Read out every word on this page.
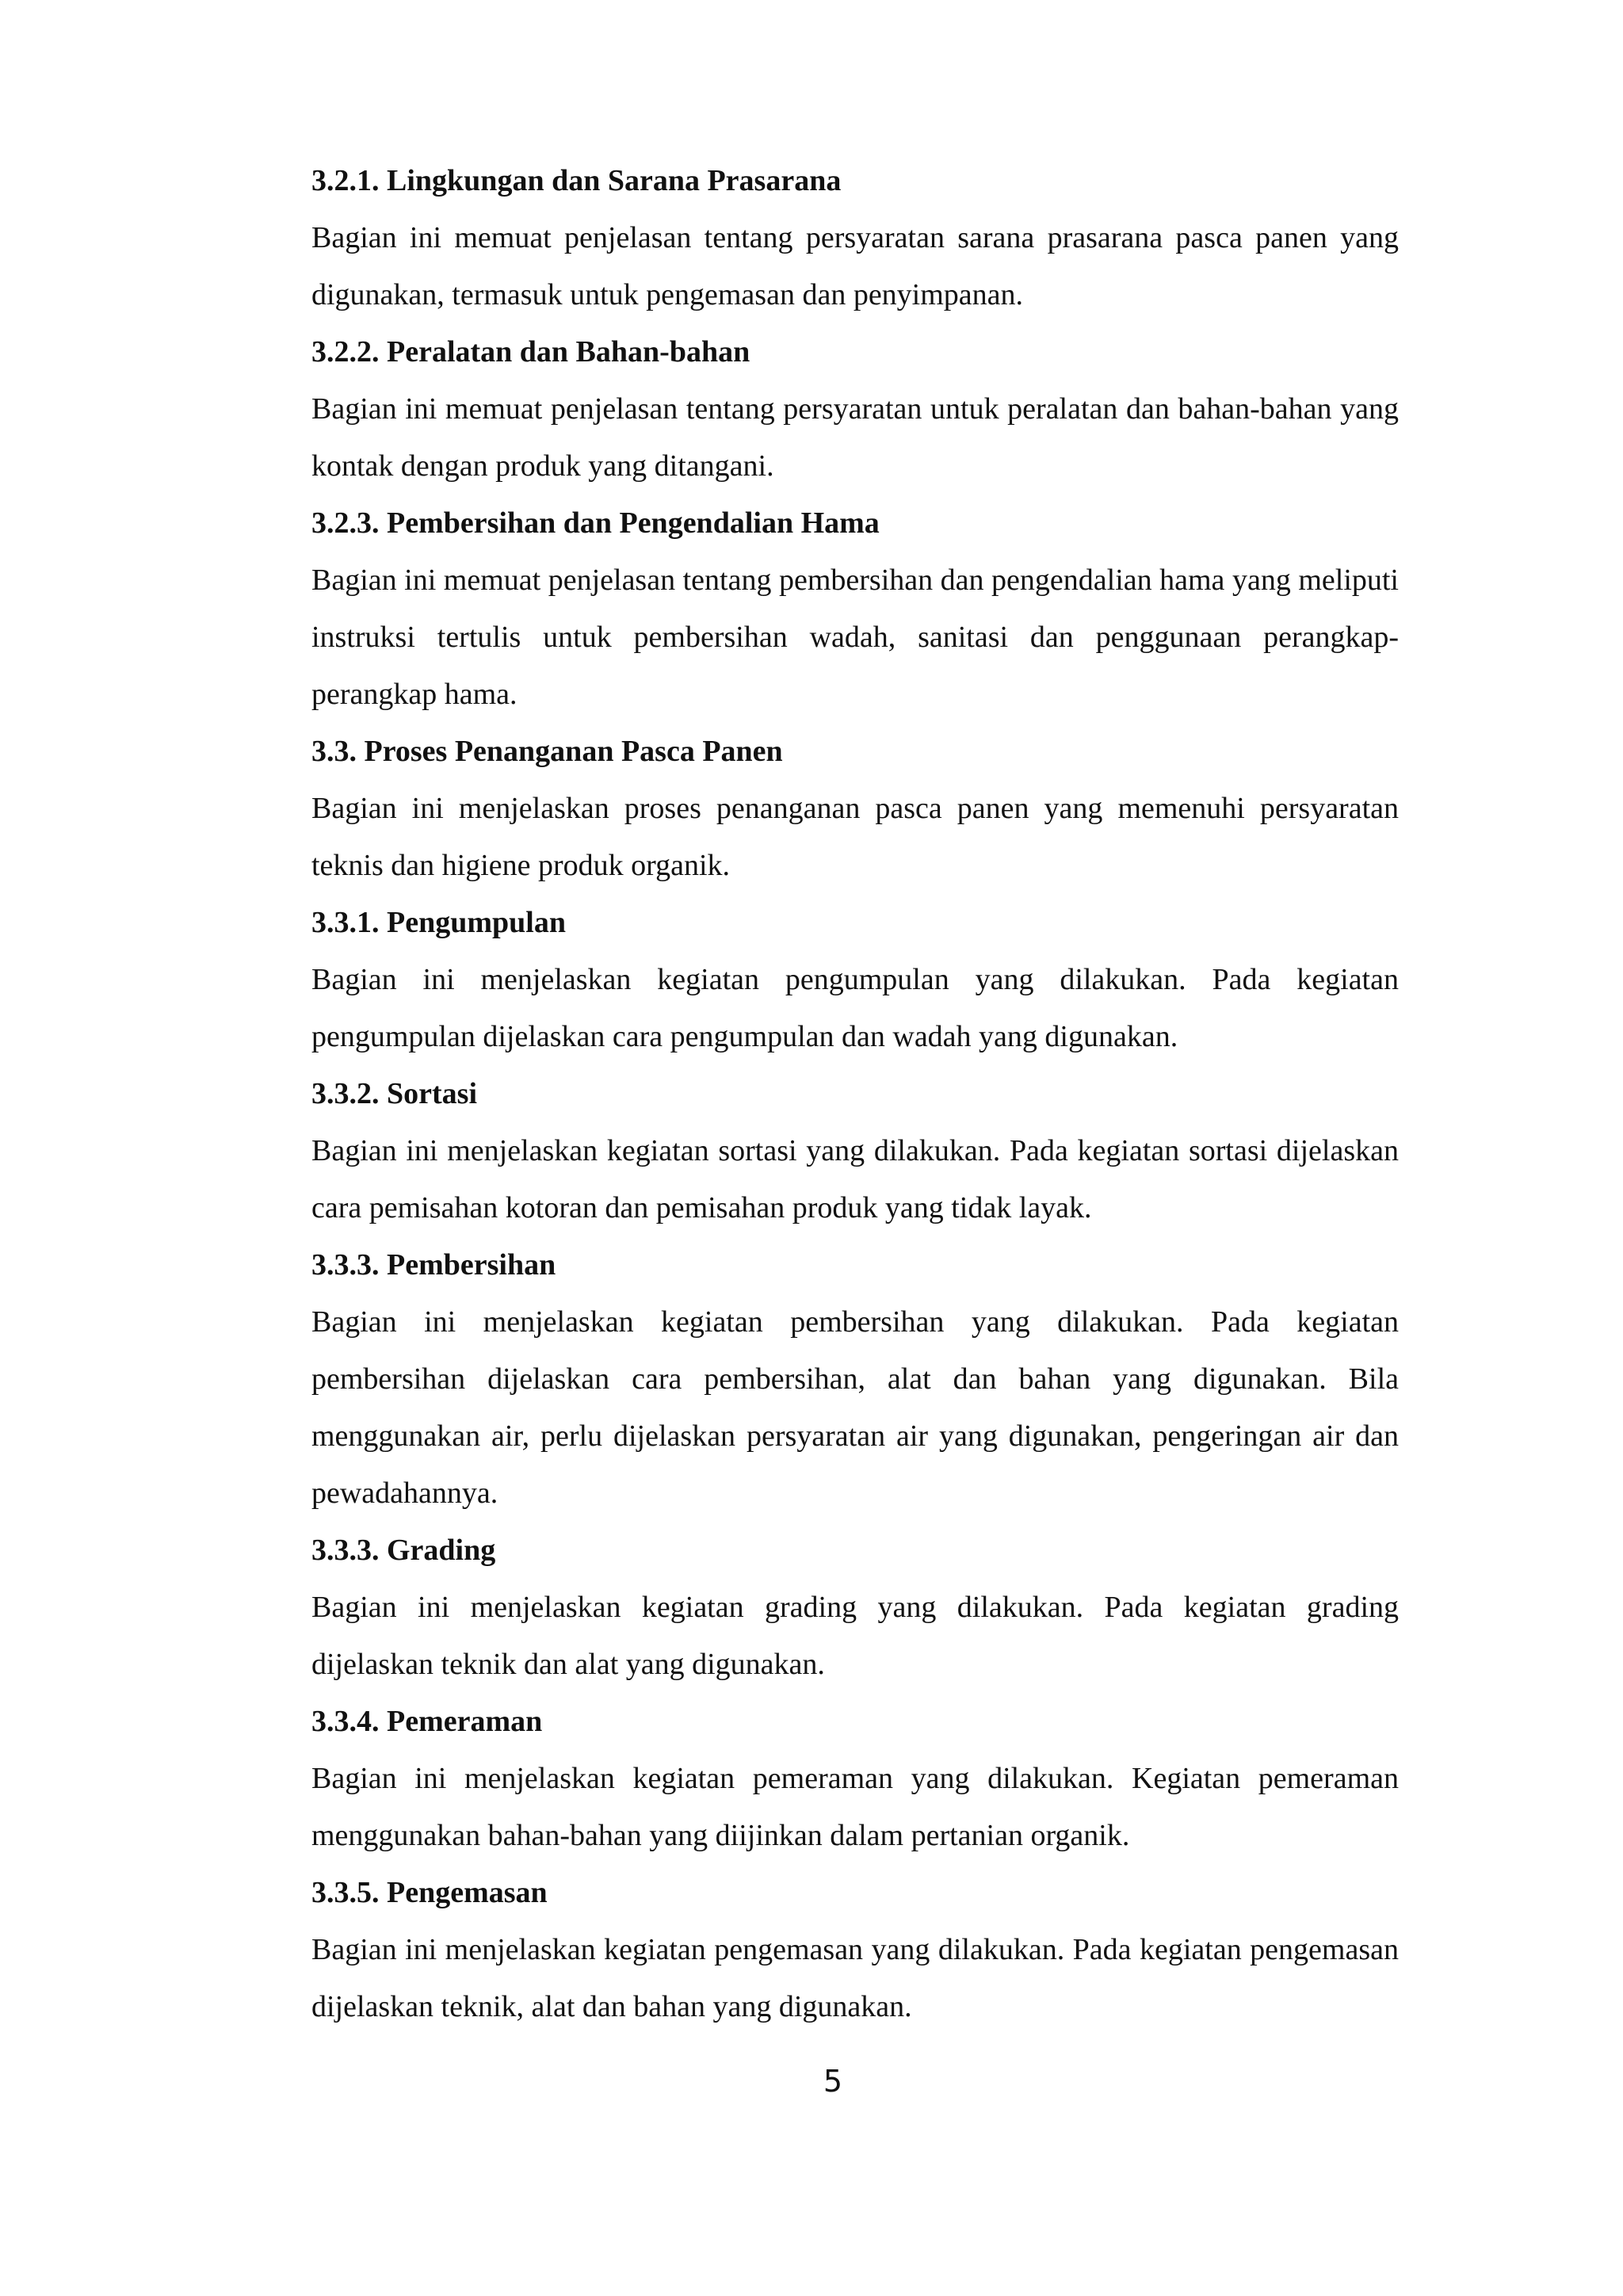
3.2.1. Lingkungan dan Sarana Prasarana

Bagian ini memuat penjelasan tentang persyaratan sarana prasarana pasca panen yang digunakan, termasuk untuk pengemasan dan penyimpanan.

3.2.2. Peralatan dan Bahan-bahan

Bagian ini memuat penjelasan tentang persyaratan untuk peralatan dan bahan-bahan yang kontak dengan produk yang ditangani.

3.2.3. Pembersihan dan Pengendalian Hama

Bagian ini memuat penjelasan tentang pembersihan dan pengendalian hama yang meliputi instruksi tertulis untuk pembersihan wadah, sanitasi dan penggunaan perangkap-perangkap hama.

3.3. Proses Penanganan Pasca Panen

Bagian ini menjelaskan proses penanganan pasca panen yang memenuhi persyaratan teknis dan higiene produk organik.

3.3.1. Pengumpulan

Bagian ini menjelaskan kegiatan pengumpulan yang dilakukan. Pada kegiatan pengumpulan dijelaskan cara pengumpulan dan wadah yang digunakan.

3.3.2. Sortasi

Bagian ini menjelaskan kegiatan sortasi yang dilakukan. Pada kegiatan sortasi dijelaskan cara pemisahan kotoran dan pemisahan produk yang tidak layak.

3.3.3. Pembersihan

Bagian ini menjelaskan kegiatan pembersihan yang dilakukan. Pada kegiatan pembersihan dijelaskan cara pembersihan, alat dan bahan yang digunakan. Bila menggunakan air, perlu dijelaskan persyaratan air yang digunakan, pengeringan air dan pewadahannya.

3.3.3. Grading

Bagian ini menjelaskan kegiatan grading yang dilakukan. Pada kegiatan grading dijelaskan teknik dan alat yang digunakan.

3.3.4. Pemeraman

Bagian ini menjelaskan kegiatan pemeraman yang dilakukan. Kegiatan pemeraman menggunakan bahan-bahan yang diijinkan dalam pertanian organik.

3.3.5. Pengemasan

Bagian ini menjelaskan kegiatan pengemasan yang dilakukan. Pada kegiatan pengemasan dijelaskan teknik, alat dan bahan yang digunakan.

5
